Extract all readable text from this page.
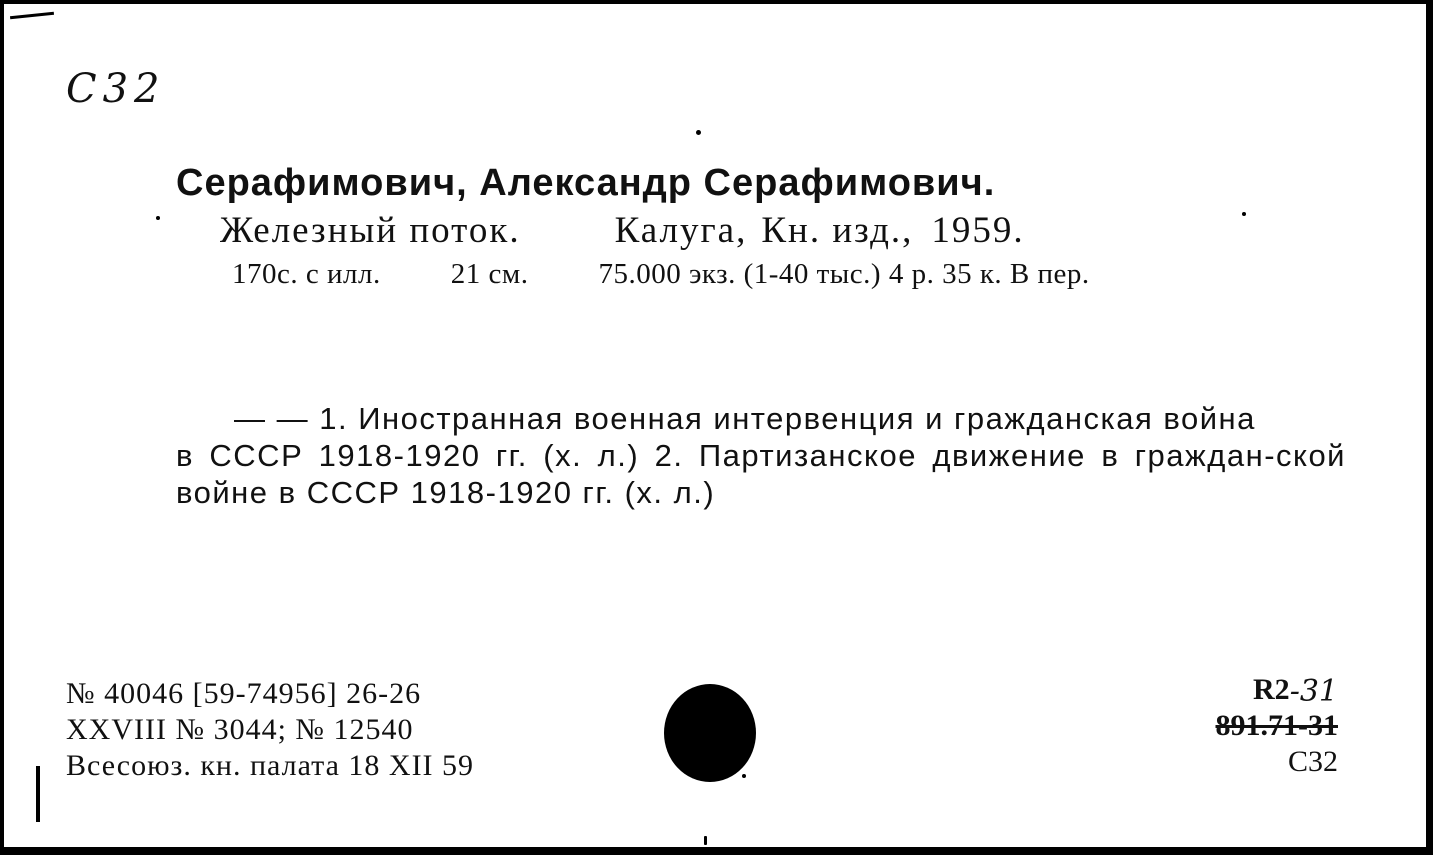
С32
Серафимович, Александр Серафимович.
Железный поток.	Калуга, Кн. изд., 1959.
170с. с илл. 21 см. 75.000 экз. (1-40 тыс.) 4 р. 35 к. В пер.

— — 1. Иностранная военная интервенция и гражданская война

в СССР 1918-1920 гг. (х. л.) 2. Партизанское движение в граждан-ской войне в СССР 1918-1920 гг. (х. л.)

№ 40046 [59-74956] 26-26
XXVIII № 3044; № 12540
Всесоюз. кн. палата 18 XII 59
R2-31
891.71-31
С32
